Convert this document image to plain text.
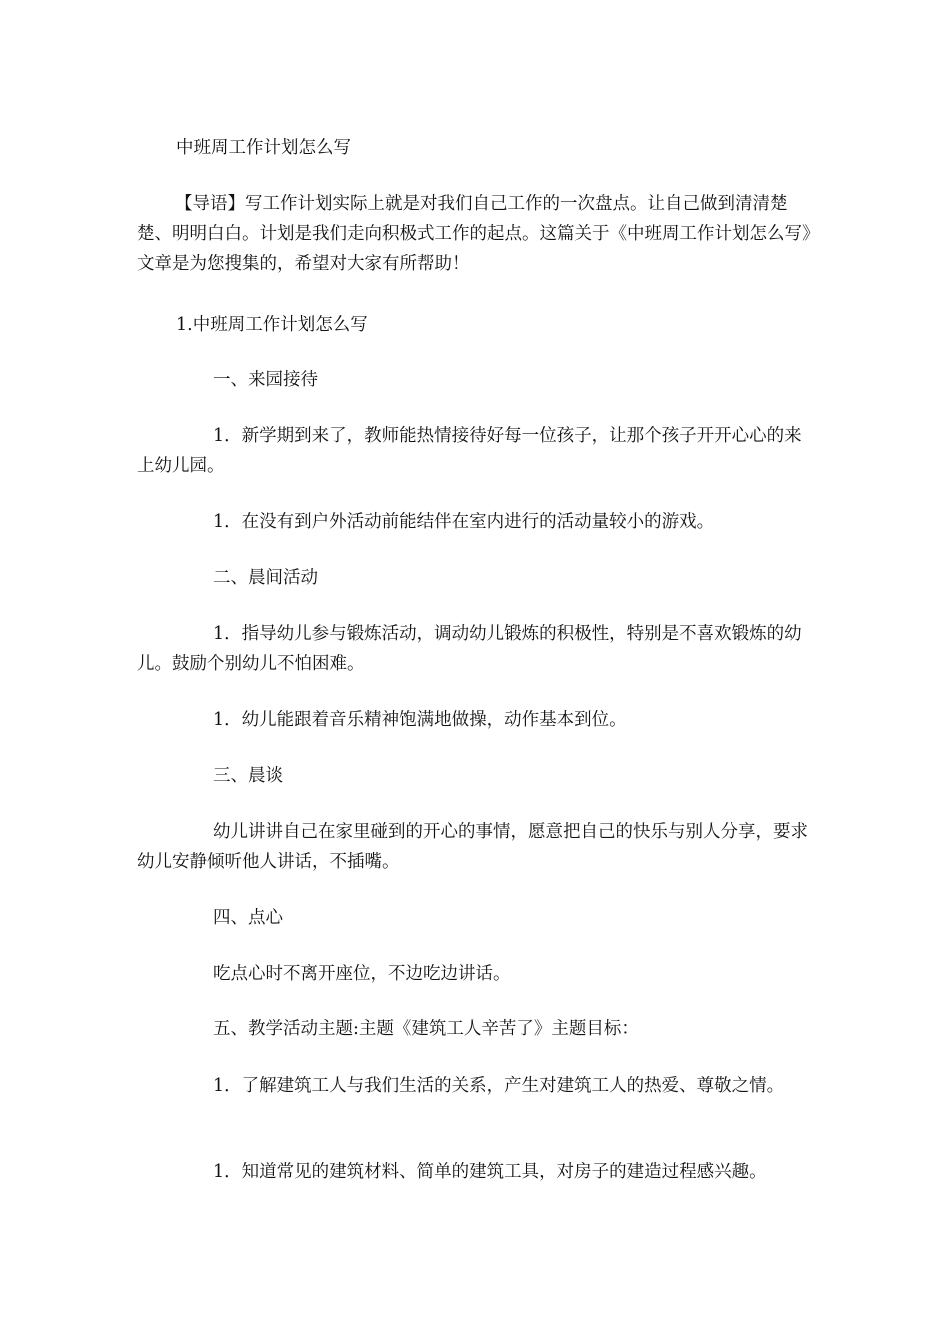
中班周工作计划怎么写

【导语】写工作计划实际上就是对我们自己工作的一次盘点。让自己做到清清楚楚、明明白白。计划是我们走向积极式工作的起点。这篇关于《中班周工作计划怎么写》文章是为您搜集的，希望对大家有所帮助！

1.中班周工作计划怎么写

一、来园接待

1．新学期到来了，教师能热情接待好每一位孩子，让那个孩子开开心心的来上幼儿园。

1．在没有到户外活动前能结伴在室内进行的活动量较小的游戏。

二、晨间活动

1．指导幼儿参与锻炼活动，调动幼儿锻炼的积极性，特别是不喜欢锻炼的幼儿。鼓励个别幼儿不怕困难。

1．幼儿能跟着音乐精神饱满地做操，动作基本到位。

三、晨谈

幼儿讲讲自己在家里碰到的开心的事情，愿意把自己的快乐与别人分享，要求幼儿安静倾听他人讲话，不插嘴。

四、点心

吃点心时不离开座位，不边吃边讲话。

五、教学活动主题:主题《建筑工人辛苦了》主题目标：

1．了解建筑工人与我们生活的关系，产生对建筑工人的热爱、尊敬之情。

1．知道常见的建筑材料、简单的建筑工具，对房子的建造过程感兴趣。
